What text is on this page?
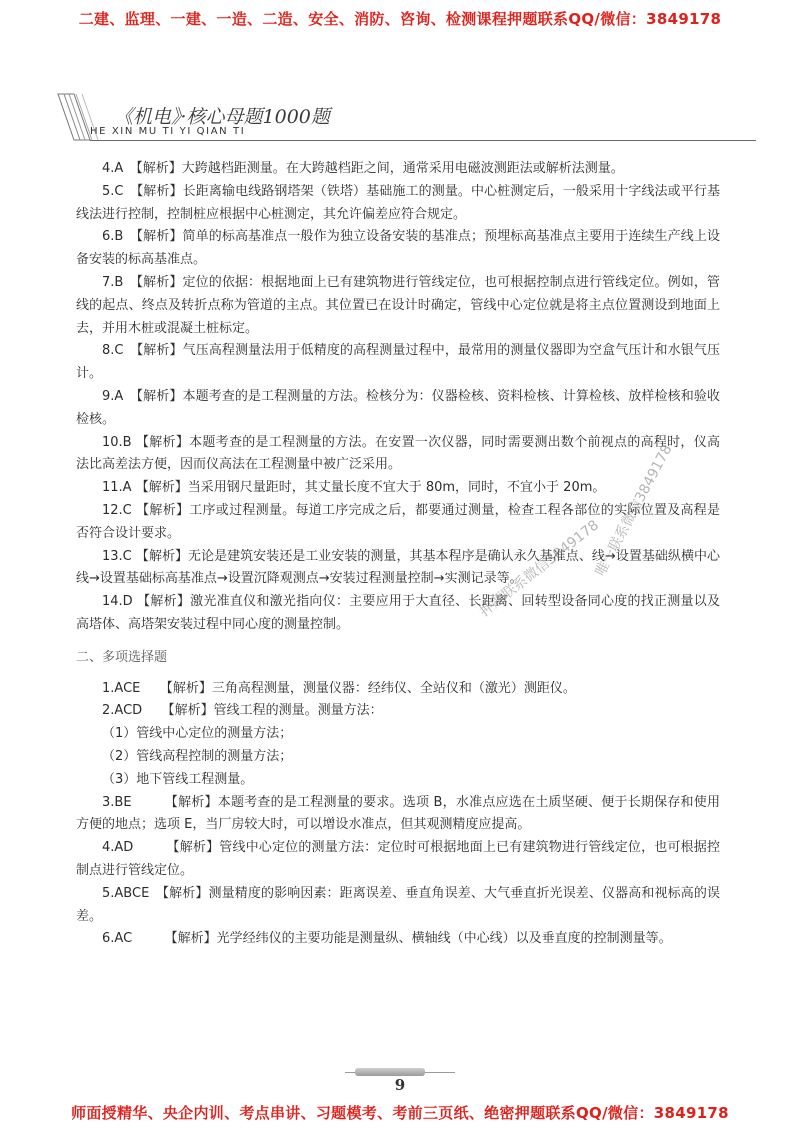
二建、监理、一建、一造、二造、安全、消防、咨询、检测课程押题联系QQ/微信：3849178
《机电》·核心母题1000题
HE XIN MU TI YI QIAN TI

4.A　【解析】大跨越档距测量。在大跨越档距之间，通常采用电磁波测距法或解析法测量。

5.C　【解析】长距离输电线路钢塔架（铁塔）基础施工的测量。中心桩测定后，一般采用十字线法或平行基线法进行控制，控制桩应根据中心桩测定，其允许偏差应符合规定。

6.B　【解析】简单的标高基准点一般作为独立设备安装的基准点；预埋标高基准点主要用于连续生产线上设备安装的标高基准点。

7.B　【解析】定位的依据：根据地面上已有建筑物进行管线定位，也可根据控制点进行管线定位。例如，管线的起点、终点及转折点称为管道的主点。其位置已在设计时确定，管线中心定位就是将主点位置测设到地面上去，并用木桩或混凝土桩标定。

8.C　【解析】气压高程测量法用于低精度的高程测量过程中，最常用的测量仪器即为空盒气压计和水银气压计。

9.A　【解析】本题考查的是工程测量的方法。检核分为：仪器检核、资料检核、计算检核、放样检核和验收检核。

10.B 【解析】本题考查的是工程测量的方法。在安置一次仪器，同时需要测出数个前视点的高程时，仪高法比高差法方便，因而仪高法在工程测量中被广泛采用。

11.A 【解析】当采用钢尺量距时，其丈量长度不宜大于 80m，同时，不宜小于 20m。

12.C 【解析】工序或过程测量。每道工序完成之后，都要通过测量，检查工程各部位的实际位置及高程是否符合设计要求。

13.C 【解析】无论是建筑安装还是工业安装的测量，其基本程序是确认永久基准点、线→设置基础纵横中心线→设置基础标高基准点→设置沉降观测点→安装过程测量控制→实测记录等。

14.D 【解析】激光准直仪和激光指向仪：主要应用于大直径、长距离、回转型设备同心度的找正测量以及高塔体、高塔架安装过程中同心度的测量控制。

二、多项选择题

1.ACE　　【解析】三角高程测量，测量仪器：经纬仪、全站仪和（激光）测距仪。

2.ACD　　【解析】管线工程的测量。测量方法：

（1）管线中心定位的测量方法；

（2）管线高程控制的测量方法；

（3）地下管线工程测量。

3.BE　　　【解析】本题考查的是工程测量的要求。选项 B，水准点应选在土质坚硬、便于长期保存和使用方便的地点；选项 E，当厂房较大时，可以增设水准点，但其观测精度应提高。

4.AD　　　【解析】管线中心定位的测量方法：定位时可根据地面上已有建筑物进行管线定位，也可根据控制点进行管线定位。

5.ABCE　【解析】测量精度的影响因素：距离误差、垂直角误差、大气垂直折光误差、仪器高和视标高的误差。

6.AC　　　【解析】光学经纬仪的主要功能是测量纵、横轴线（中心线）以及垂直度的控制测量等。

唯一联系微信3849178
押题联系微信3849178
9
师面授精华、央企内训、考点串讲、习题模考、考前三页纸、绝密押题联系QQ/微信：3849178
